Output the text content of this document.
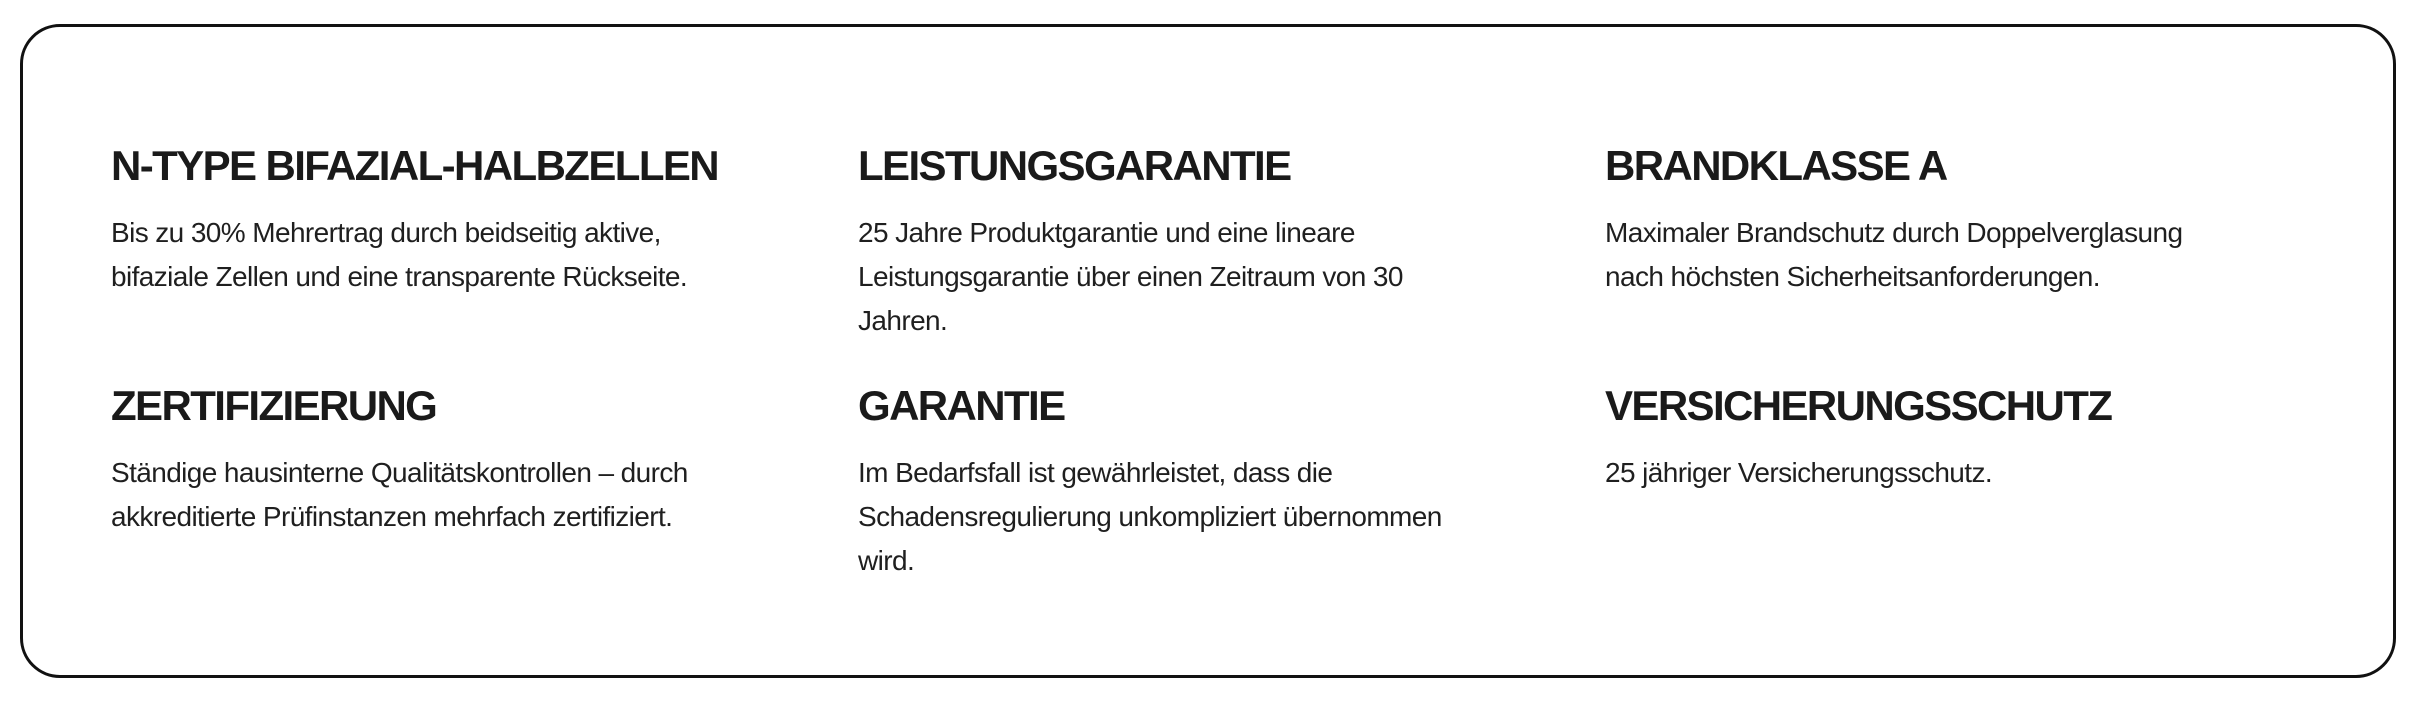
N-TYPE BIFAZIAL-HALBZELLEN

Bis zu 30% Mehrertrag durch beidseitig aktive, bifaziale Zellen und eine transparente Rückseite.

LEISTUNGSGARANTIE

25 Jahre Produktgarantie und eine lineare Leistungsgarantie über einen Zeitraum von 30 Jahren.

BRANDKLASSE A

Maximaler Brandschutz durch Doppelverglasung nach höchsten Sicherheitsanforderungen.

ZERTIFIZIERUNG

Ständige hausinterne Qualitätskontrollen – durch akkreditierte Prüfinstanzen mehrfach zertifiziert.

GARANTIE

Im Bedarfsfall ist gewährleistet, dass die Schadensregulierung unkompliziert übernommen wird.

VERSICHERUNGSSCHUTZ

25 jähriger Versicherungsschutz.
